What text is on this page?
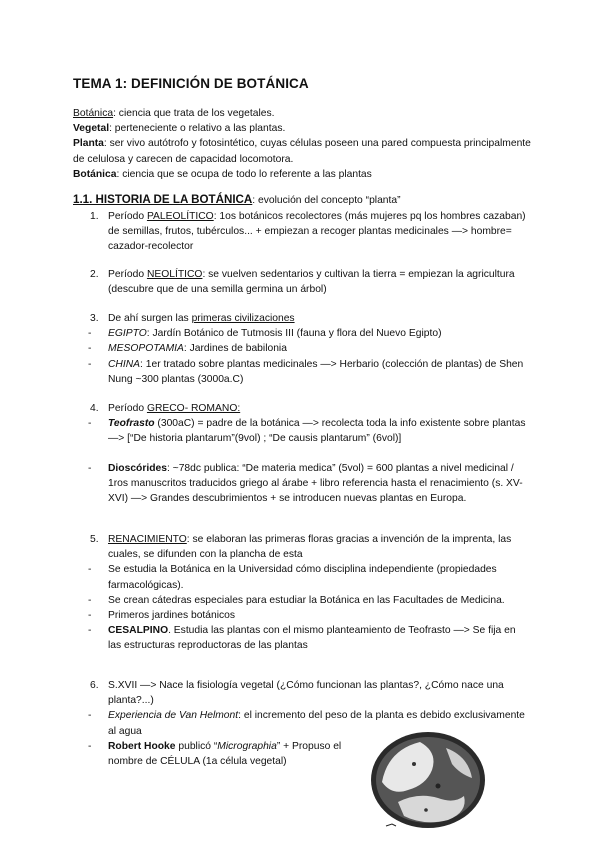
TEMA 1: DEFINICIÓN DE BOTÁNICA
Botánica: ciencia que trata de los vegetales.
Vegetal: perteneciente o relativo a las plantas.
Planta: ser vivo autótrofo y fotosintético, cuyas células poseen una pared compuesta principalmente de celulosa y carecen de capacidad locomotora.
Botánica: ciencia que se ocupa de todo lo referente a las plantas
1.1. HISTORIA DE LA BOTÁNICA: evolución del concepto “planta”
1. Período PALEOLÍTICO: 1os botánicos recolectores (más mujeres pq los hombres cazaban) de semillas, frutos, tubérculos... + empiezan a recoger plantas medicinales —> hombre= cazador-recolector
2. Período NEOLÍTICO: se vuelven sedentarios y cultivan la tierra = empiezan la agricultura (descubre que de una semilla germina un árbol)
3. De ahí surgen las primeras civilizaciones
- EGIPTO: Jardín Botánico de Tutmosis III (fauna y flora del Nuevo Egipto)
- MESOPOTAMIA: Jardines de babilonia
- CHINA: 1er tratado sobre plantas medicinales —> Herbario (colección de plantas) de Shen Nung ~300 plantas (3000a.C)
4. Período GRECO- ROMANO:
- Teofrasto (300aC) = padre de la botánica —> recolecta toda la info existente sobre plantas —> [“De historia plantarum”(9vol) ; “De causis plantarum” (6vol)]
- Dioscórides: ~78dc publica: “De materia medica” (5vol) = 600 plantas a nivel medicinal / 1ros manuscritos traducidos griego al árabe + libro referencia hasta el renacimiento (s. XV-XVI) —> Grandes descubrimientos + se introducen nuevas plantas en Europa.
5. RENACIMIENTO: se elaboran las primeras floras gracias a invención de la imprenta, las cuales, se difunden con la plancha de esta
- Se estudia la Botánica en la Universidad cómo disciplina independiente (propiedades farmacológicas).
- Se crean cátedras especiales para estudiar la Botánica en las Facultades de Medicina.
- Primeros jardines botánicos
- CESALPINO. Estudia las plantas con el mismo planteamiento de Teofrasto —> Se fija en las estructuras reproductoras de las plantas
6. S.XVII —> Nace la fisiología vegetal (¿Cómo funcionan las plantas?, ¿Cómo nace una planta?...)
- Experiencia de Van Helmont: el incremento del peso de la planta es debido exclusivamente al agua
- Robert Hooke publicó “Micrographia” + Propuso el nombre de CÉLULA (1a célula vegetal)
